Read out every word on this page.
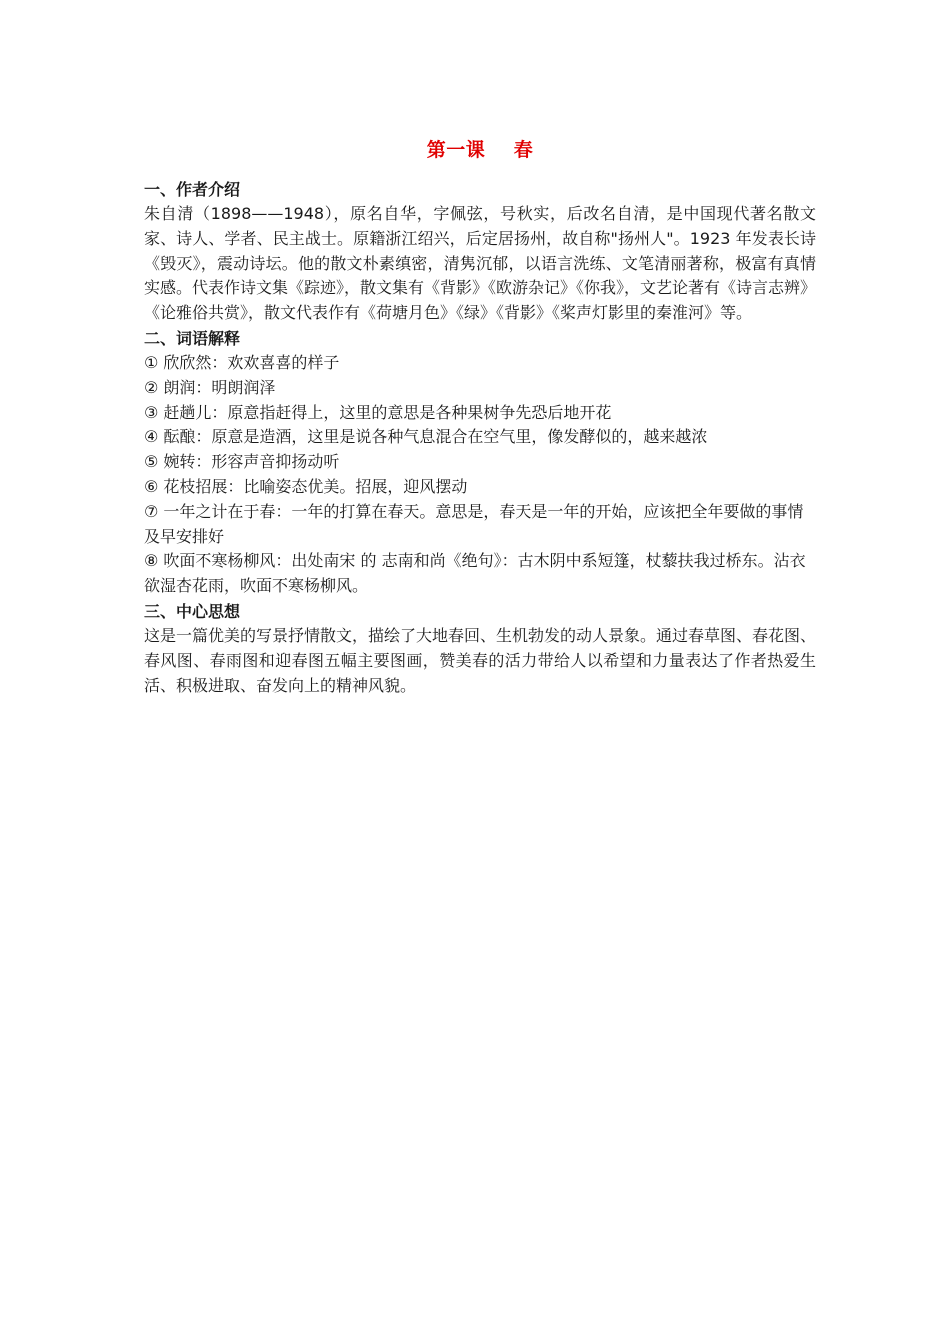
第一课    春
一、作者介绍

朱自清（1898——1948），原名自华，字佩弦，号秋实，后改名自清，是中国现代著名散文家、诗人、学者、民主战士。原籍浙江绍兴，后定居扬州，故自称"扬州人"。1923 年发表长诗《毁灭》，震动诗坛。他的散文朴素缜密，清隽沉郁，以语言洗练、文笔清丽著称，极富有真情实感。代表作诗文集《踪迹》，散文集有《背影》《欧游杂记》《你我》，文艺论著有《诗言志辨》《论雅俗共赏》，散文代表作有《荷塘月色》《绿》《背影》《桨声灯影里的秦淮河》等。

二、词语解释

① 欣欣然：欢欢喜喜的样子

② 朗润：明朗润泽

③ 赶趟儿：原意指赶得上，这里的意思是各种果树争先恐后地开花

④ 酝酿：原意是造酒，这里是说各种气息混合在空气里，像发酵似的，越来越浓

⑤ 婉转：形容声音抑扬动听

⑥ 花枝招展：比喻姿态优美。招展，迎风摆动

⑦ 一年之计在于春：一年的打算在春天。意思是，春天是一年的开始，应该把全年要做的事情及早安排好

⑧ 吹面不寒杨柳风：出处南宋 的 志南和尚《绝句》：古木阴中系短篷，杖藜扶我过桥东。沾衣欲湿杏花雨，吹面不寒杨柳风。

三、中心思想

这是一篇优美的写景抒情散文，描绘了大地春回、生机勃发的动人景象。通过春草图、春花图、春风图、春雨图和迎春图五幅主要图画，赞美春的活力带给人以希望和力量表达了作者热爱生活、积极进取、奋发向上的精神风貌。
